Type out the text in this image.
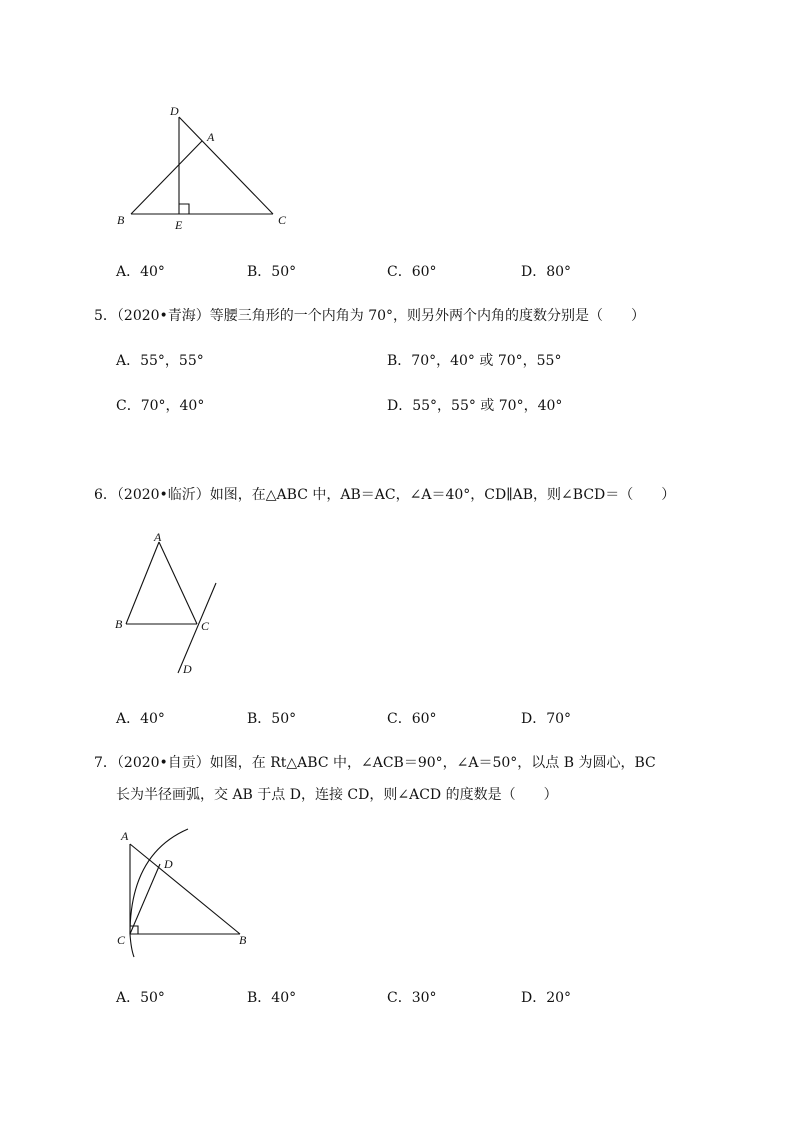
D
A
B	E	C
A．40°	B．50°	C．60°	D．80°
5．（2020•青海）等腰三角形的一个内角为 70°，则另外两个内角的度数分别是（　　）
A．55°，55°	B．70°，40° 或 70°，55°
C．70°，40°	D．55°，55° 或 70°，40°
6．（2020•临沂）如图，在△ABC 中，AB＝AC，∠A＝40°，CD∥AB，则∠BCD＝（　　）
A
B	C
D
A．40°	B．50°	C．60°	D．70°
7．（2020•自贡）如图，在 Rt△ABC 中，∠ACB＝90°，∠A＝50°，以点 B 为圆心，BC
长为半径画弧，交 AB 于点 D，连接 CD，则∠ACD 的度数是（　　）
A
D
C	B
A．50°	B．40°	C．30°	D．20°
